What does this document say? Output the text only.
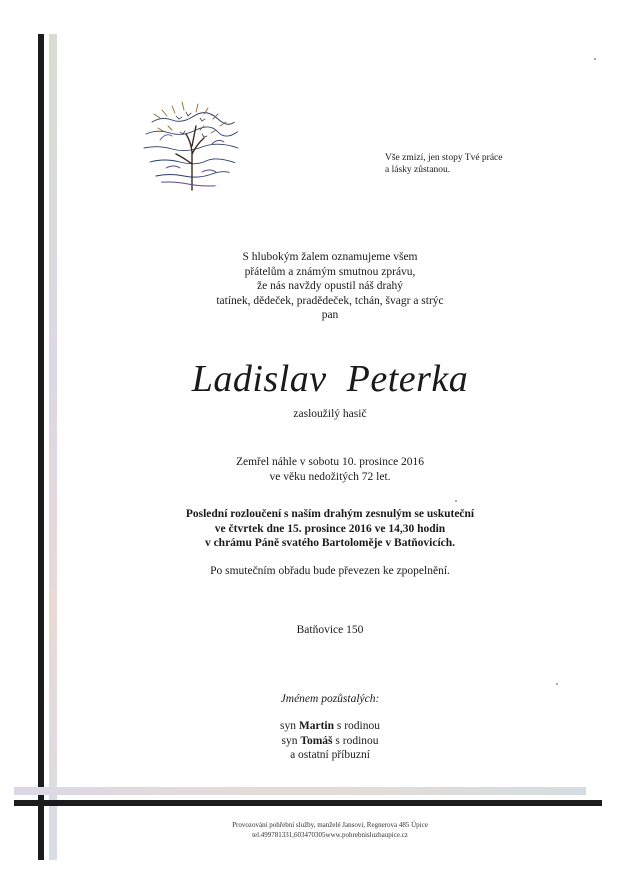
Vše zmizí, jen stopy Tvé práce
a lásky zůstanou.
S hlubokým žalem oznamujeme všem
přátelům a známým smutnou zprávu,
že nás navždy opustil náš drahý
tatínek, dědeček, pradědeček, tchán, švagr a strýc
pan
Ladislav  Peterka
zasloužilý hasič
Zemřel náhle v sobotu 10. prosince 2016
ve věku nedožitých 72 let.
Poslední rozloučení s naším drahým zesnulým se uskuteční
ve čtvrtek dne 15. prosince 2016 ve 14,30 hodin
v chrámu Páně svatého Bartoloměje v Batňovicích.
Po smutečním obřadu bude převezen ke zpopelnění.
Batňovice 150
Jménem pozůstalých:
syn Martin s rodinou
syn Tomáš s rodinou
a ostatní příbuzní
Provozování pohřební služby, manželé Jansovi, Regnerova 485 Úpice
tel.499781331,603470305www.pohrebnisluzbaupice.cz
